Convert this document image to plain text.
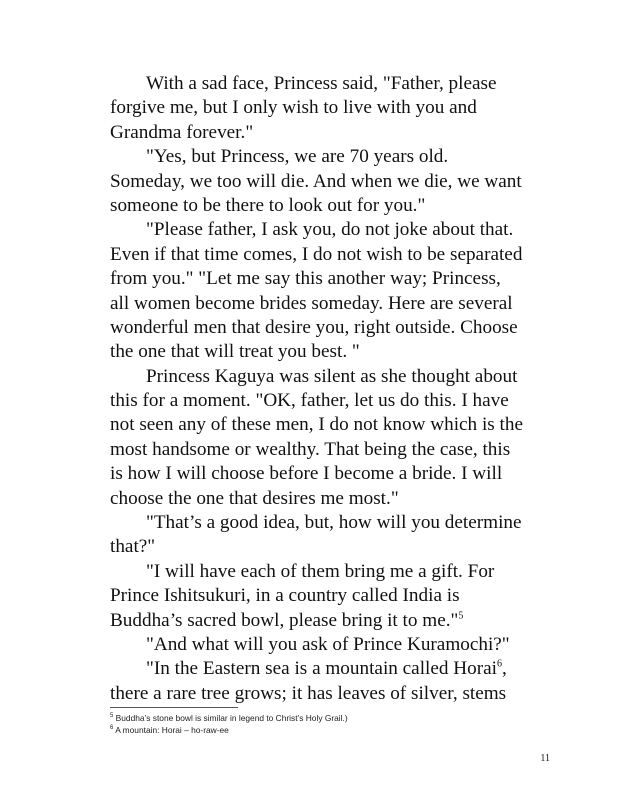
With a sad face, Princess said, "Father, please
forgive me, but I only wish to live with you and
Grandma forever."
"Yes, but Princess, we are 70 years old.
Someday, we too will die. And when we die, we want
someone to be there to look out for you."
"Please father, I ask you, do not joke about that.
Even if that time comes, I do not wish to be separated
from you." "Let me say this another way; Princess,
all women become brides someday. Here are several
wonderful men that desire you, right outside. Choose
the one that will treat you best. "
Princess Kaguya was silent as she thought about
this for a moment. "OK, father, let us do this. I have
not seen any of these men, I do not know which is the
most handsome or wealthy. That being the case, this
is how I will choose before I become a bride. I will
choose the one that desires me most."
"That’s a good idea, but, how will you determine
that?"
"I will have each of them bring me a gift. For
Prince Ishitsukuri, in a country called India is
Buddha’s sacred bowl, please bring it to me."$^5$
"And what will you ask of Prince Kuramochi?"
"In the Eastern sea is a mountain called Horai$^6$,
there a rare tree grows; it has leaves of silver, stems
$^5$ Buddha’s stone bowl is similar in legend to Christ’s Holy Grail.)
$^6$ A mountain: Horai – ho-raw-ee
11
